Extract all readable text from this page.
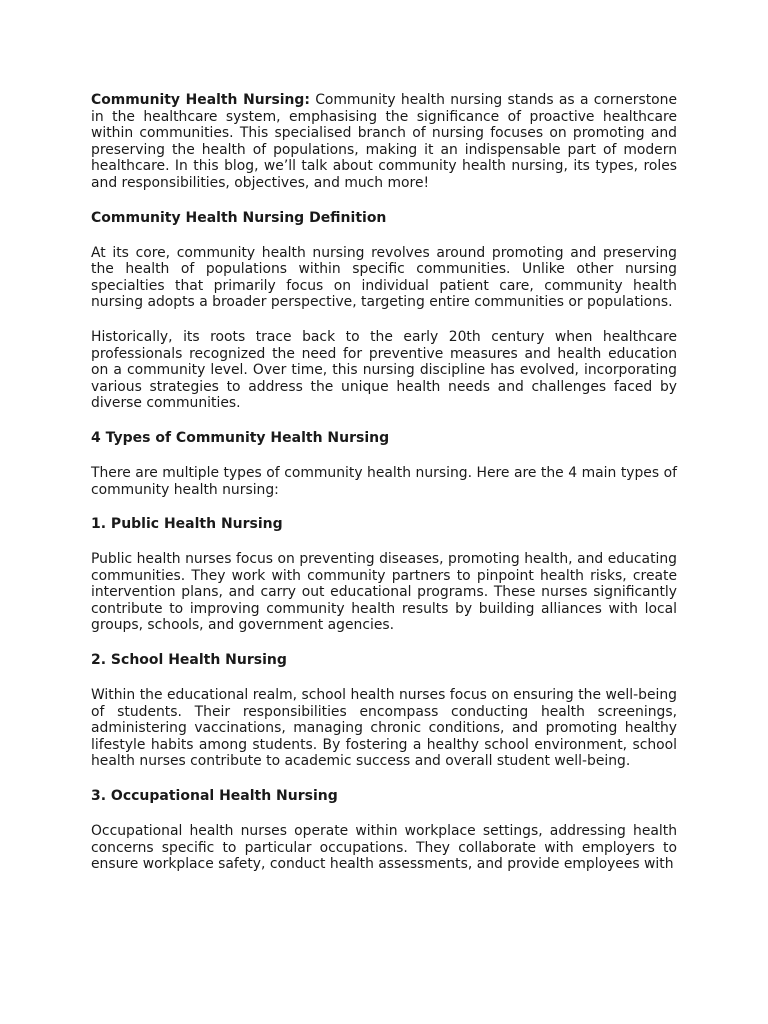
Community Health Nursing: Community health nursing stands as a cornerstone in the healthcare system, emphasising the significance of proactive healthcare within communities. This specialised branch of nursing focuses on promoting and preserving the health of populations, making it an indispensable part of modern healthcare. In this blog, we’ll talk about community health nursing, its types, roles and responsibilities, objectives, and much more!

Community Health Nursing Definition

At its core, community health nursing revolves around promoting and preserving the health of populations within specific communities. Unlike other nursing specialties that primarily focus on individual patient care, community health nursing adopts a broader perspective, targeting entire communities or populations.

Historically, its roots trace back to the early 20th century when healthcare professionals recognized the need for preventive measures and health education on a community level. Over time, this nursing discipline has evolved, incorporating various strategies to address the unique health needs and challenges faced by diverse communities.

4 Types of Community Health Nursing

There are multiple types of community health nursing. Here are the 4 main types of community health nursing:

1. Public Health Nursing

Public health nurses focus on preventing diseases, promoting health, and educating communities. They work with community partners to pinpoint health risks, create intervention plans, and carry out educational programs. These nurses significantly contribute to improving community health results by building alliances with local groups, schools, and government agencies.

2. School Health Nursing

Within the educational realm, school health nurses focus on ensuring the well-being of students. Their responsibilities encompass conducting health screenings, administering vaccinations, managing chronic conditions, and promoting healthy lifestyle habits among students. By fostering a healthy school environment, school health nurses contribute to academic success and overall student well-being.

3. Occupational Health Nursing

Occupational health nurses operate within workplace settings, addressing health concerns specific to particular occupations. They collaborate with employers to ensure workplace safety, conduct health assessments, and provide employees with
